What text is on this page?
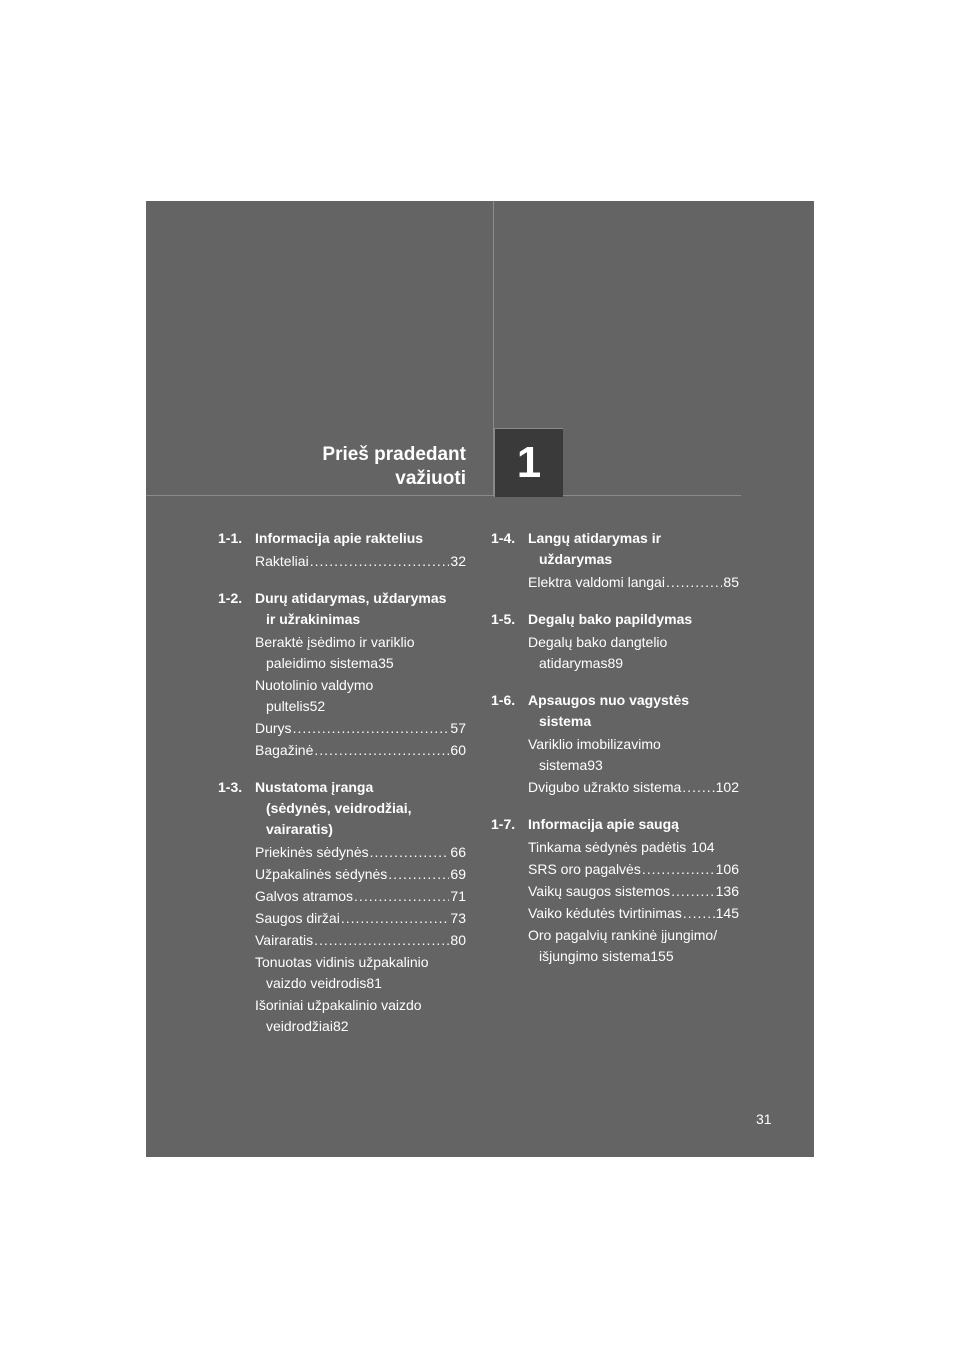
Prieš pradedant
važiuoti 1
1-1. Informacija apie raktelius
Rakteliai .....	32
1-2. Durų atidarymas, uždarymas
ir užrakinimas
Beraktė įsėdimo ir variklio
paleidimo sistema 35
Nuotolinio valdymo
pultelis 52
Durys .....	57
Bagažinė .....	60
1-3. Nustatoma įranga
(sėdynės, veidrodžiai,
vairaratis)
Priekinės sėdynės .....	66
Užpakalinės sėdynės .....	69
Galvos atramos .....	71
Saugos diržai .....	73
Vairaratis .....	80
Tonuotas vidinis užpakalinio
vaizdo veidrodis 81
Išoriniai užpakalinio vaizdo
veidrodžiai 82
1-4. Langų atidarymas ir
uždarymas
Elektra valdomi langai .....	85
1-5. Degalų bako papildymas
Degalų bako dangtelio
atidarymas 89
1-6. Apsaugos nuo vagystės
sistema
Variklio imobilizavimo
sistema 93
Dvigubo užrakto sistema ..... 102
1-7. Informacija apie saugą
Tinkama sėdynės padėtis 104
SRS oro pagalvės .....	106
Vaikų saugos sistemos .....	136
Vaiko kėdutės tvirtinimas ..... 145
Oro pagalvių rankinė įjungimo/
išjungimo sistema 155
31
